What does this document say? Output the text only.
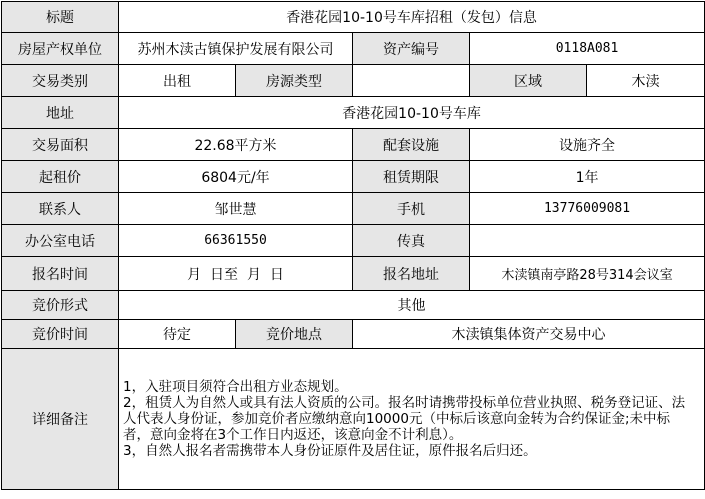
标题	香港花园10-10号车库招租（发包）信息				
房屋产权单位	苏州木渎古镇保护发展有限公司		资产编号	0118A081	
交易类别	出租	房源类型		区域	木渎
地址	香港花园10-10号车库				
交易面积	22.68平方米		配套设施	设施齐全	
起租价	6804元/年		租赁期限	1年	
联系人	邹世慧		手机	13776009081	
办公室电话	66361550		传真		
报名时间	月  日至  月  日		报名地址	木渎镇南亭路28号314会议室	
竞价形式	其他				
竞价时间	待定	竞价地点	木渎镇集体资产交易中心		
详细备注	1，入驻项目须符合出租方业态规划。

2，租赁人为自然人或具有法人资质的公司。报名时请携带投标单位营业执照、税务登记证、法人代表人身份证，参加竞价者应缴纳意向10000元（中标后该意向金转为合约保证金;未中标者，意向金将在3个工作日内返还，该意向金不计利息）。

3，自然人报名者需携带本人身份证原件及居住证，原件报名后归还。				
